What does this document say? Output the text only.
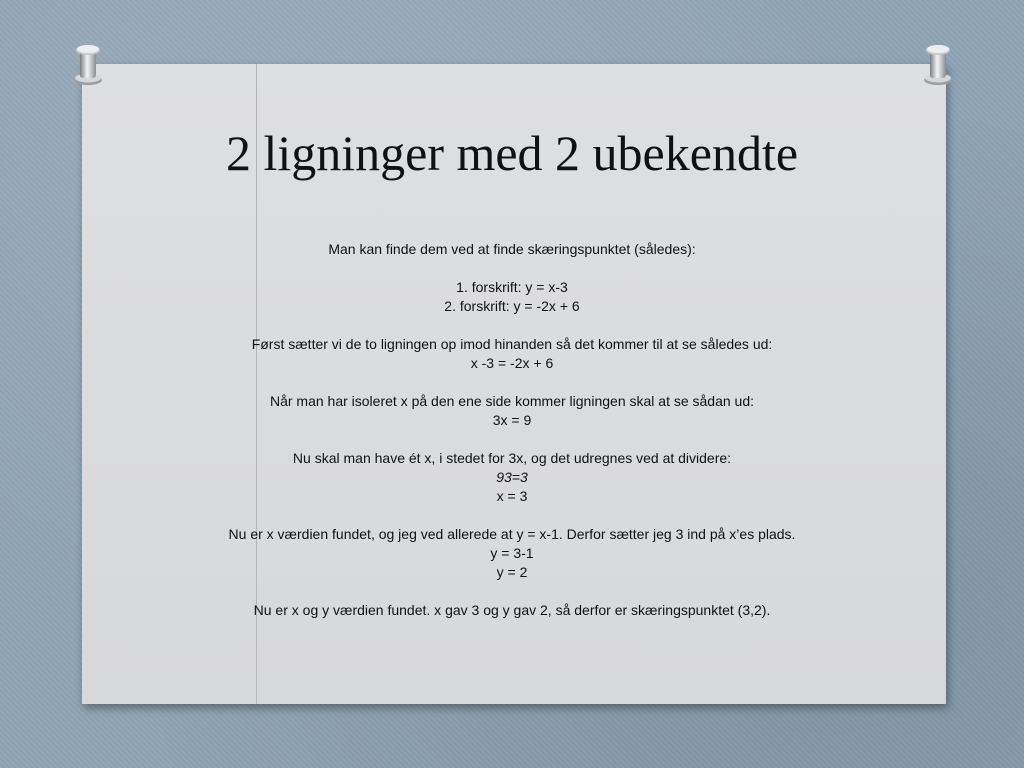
2 ligninger med 2 ubekendte
Man kan finde dem ved at finde skæringspunktet (således):
1. forskrift: y = x-3
2. forskrift: y = -2x + 6
Først sætter vi de to ligningen op imod hinanden så det kommer til at se således ud:
x -3 = -2x + 6
Når man har isoleret x på den ene side kommer ligningen skal at se sådan ud:
3x = 9
Nu skal man have ét x, i stedet for 3x, og det udregnes ved at dividere:
93=3
x = 3
Nu er x værdien fundet, og jeg ved allerede at y = x-1. Derfor sætter jeg 3 ind på x’es plads.
y = 3-1
y = 2
Nu er x og y værdien fundet. x gav 3 og y gav 2, så derfor er skæringspunktet (3,2).
